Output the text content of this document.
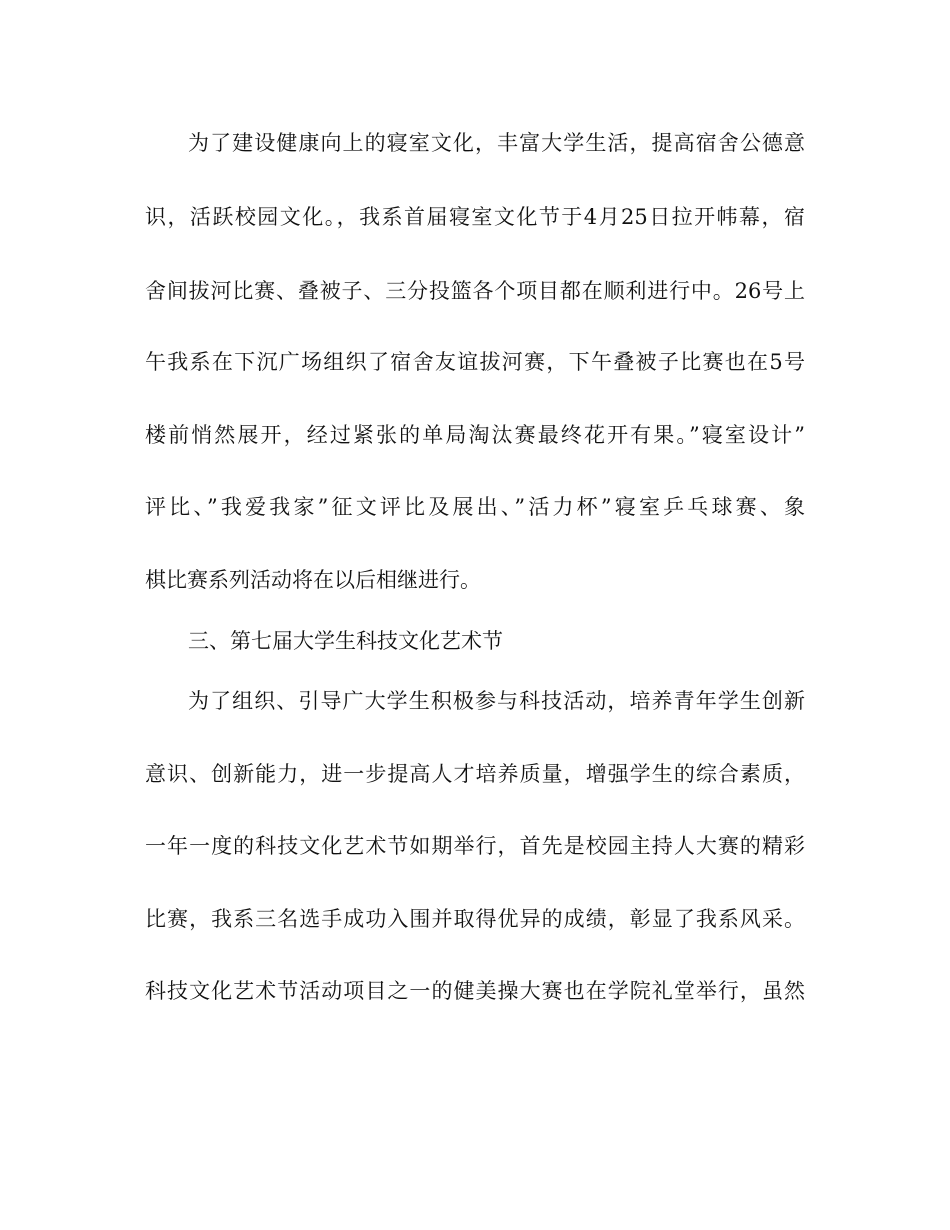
为了建设健康向上的寝室文化，丰富大学生活，提高宿舍公德意
识，活跃校园文化。，我系首届寝室文化节于4月25日拉开帏幕，宿
舍间拔河比赛、叠被子、三分投篮各个项目都在顺利进行中。26号上
午我系在下沉广场组织了宿舍友谊拔河赛，下午叠被子比赛也在5号
楼前悄然展开，经过紧张的单局淘汰赛最终花开有果。”寝室设计”
评比、”我爱我家”征文评比及展出、”活力杯”寝室乒乓球赛、象
棋比赛系列活动将在以后相继进行。
三、第七届大学生科技文化艺术节
为了组织、引导广大学生积极参与科技活动，培养青年学生创新
意识、创新能力，进一步提高人才培养质量，增强学生的综合素质，
一年一度的科技文化艺术节如期举行，首先是校园主持人大赛的精彩
比赛，我系三名选手成功入围并取得优异的成绩，彰显了我系风采。
科技文化艺术节活动项目之一的健美操大赛也在学院礼堂举行，虽然
